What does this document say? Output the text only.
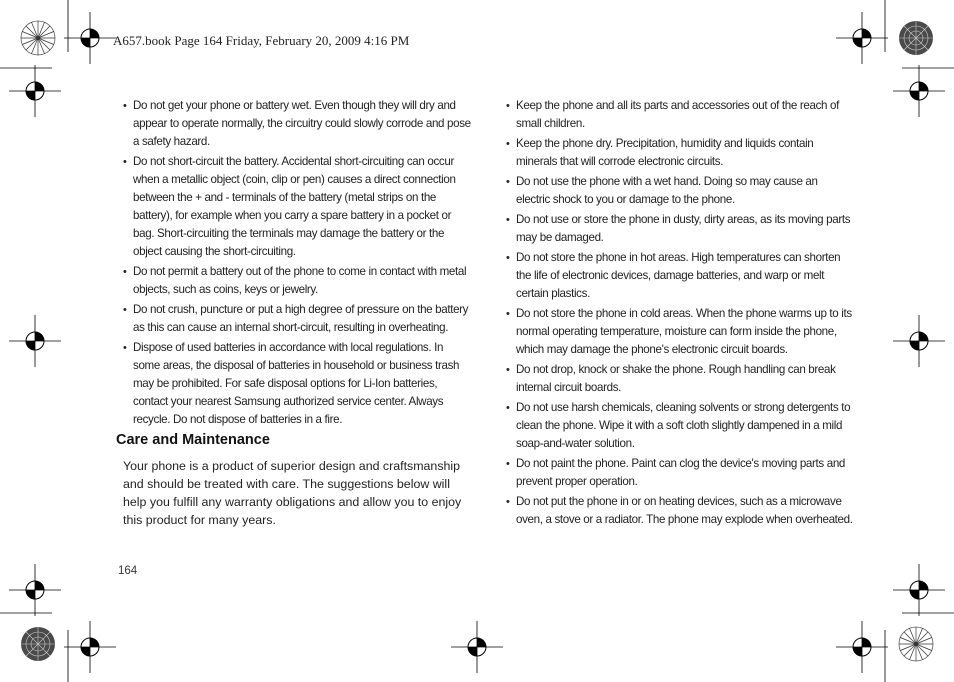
A657.book Page 164 Friday, February 20, 2009 4:16 PM
• Do not get your phone or battery wet. Even though they will dry and appear to operate normally, the circuitry could slowly corrode and pose a safety hazard.
• Do not short-circuit the battery. Accidental short-circuiting can occur when a metallic object (coin, clip or pen) causes a direct connection between the + and - terminals of the battery (metal strips on the battery), for example when you carry a spare battery in a pocket or bag. Short-circuiting the terminals may damage the battery or the object causing the short-circuiting.
• Do not permit a battery out of the phone to come in contact with metal objects, such as coins, keys or jewelry.
• Do not crush, puncture or put a high degree of pressure on the battery as this can cause an internal short-circuit, resulting in overheating.
• Dispose of used batteries in accordance with local regulations. In some areas, the disposal of batteries in household or business trash may be prohibited. For safe disposal options for Li-Ion batteries, contact your nearest Samsung authorized service center. Always recycle. Do not dispose of batteries in a fire.
Care and Maintenance

Your phone is a product of superior design and craftsmanship and should be treated with care. The suggestions below will help you fulfill any warranty obligations and allow you to enjoy this product for many years.

• Keep the phone and all its parts and accessories out of the reach of small children.
• Keep the phone dry. Precipitation, humidity and liquids contain minerals that will corrode electronic circuits.
• Do not use the phone with a wet hand. Doing so may cause an electric shock to you or damage to the phone.
• Do not use or store the phone in dusty, dirty areas, as its moving parts may be damaged.
• Do not store the phone in hot areas. High temperatures can shorten the life of electronic devices, damage batteries, and warp or melt certain plastics.
• Do not store the phone in cold areas. When the phone warms up to its normal operating temperature, moisture can form inside the phone, which may damage the phone's electronic circuit boards.
• Do not drop, knock or shake the phone. Rough handling can break internal circuit boards.
• Do not use harsh chemicals, cleaning solvents or strong detergents to clean the phone. Wipe it with a soft cloth slightly dampened in a mild soap-and-water solution.
• Do not paint the phone. Paint can clog the device's moving parts and prevent proper operation.
• Do not put the phone in or on heating devices, such as a microwave oven, a stove or a radiator. The phone may explode when overheated.
164
